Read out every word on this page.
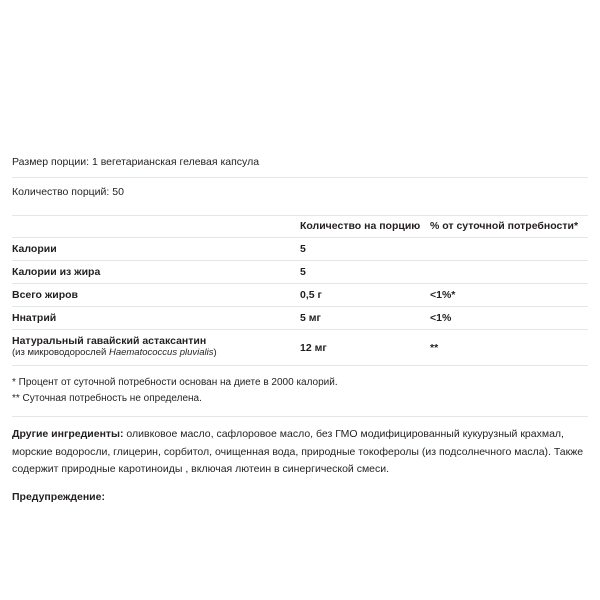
Размер порции: 1 вегетарианская гелевая капсула
Количество порций: 50
	Количество на порцию	% от суточной потребности*
Калории	5	
Калории из жира	5	
Всего жиров	0,5 г	<1%*
Ннатрий	5 мг	<1%
Натуральный гавайский астаксантин
(из микроводорослей Haematococcus pluvialis)	12 мг	**
* Процент от суточной потребности основан на диете в 2000 калорий.
** Суточная потребность не определена.
Другие ингредиенты: оливковое масло, сафлоровое масло, без ГМО модифицированный кукурузный крахмал, морские водоросли, глицерин, сорбитол, очищенная вода, природные токоферолы (из подсолнечного масла). Также содержит природные каротиноиды , включая лютеин в синергической смеси.
Предупреждение:
